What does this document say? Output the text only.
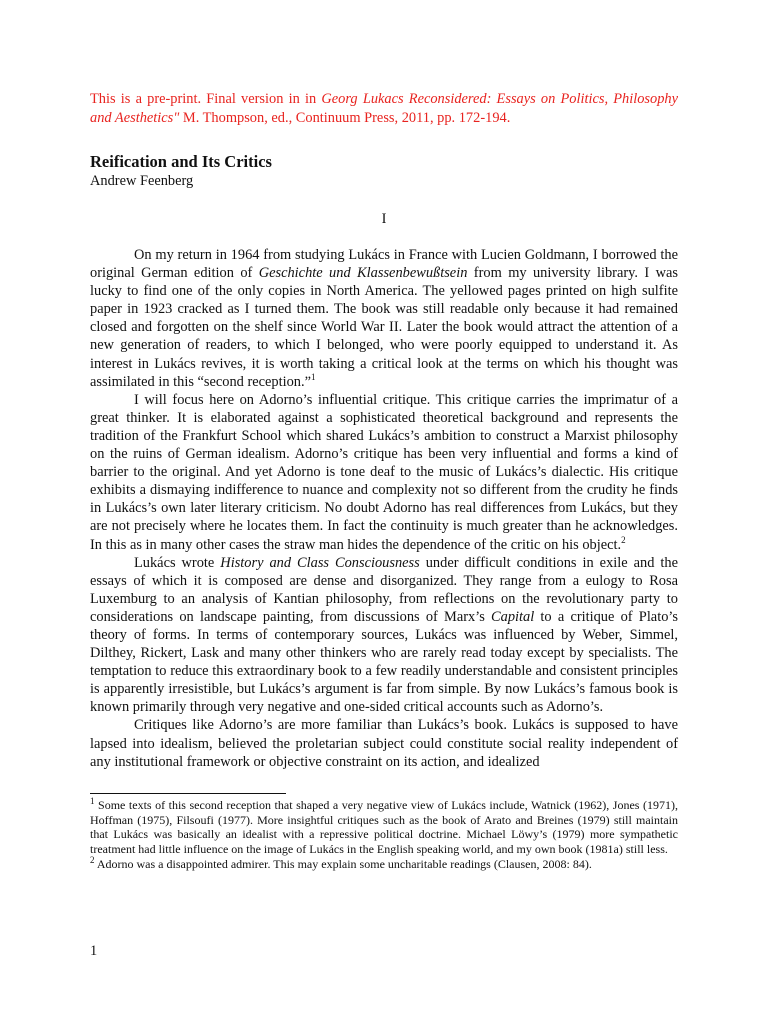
This is a pre-print. Final version in in Georg Lukacs Reconsidered: Essays on Politics, Philosophy and Aesthetics" M. Thompson, ed., Continuum Press, 2011, pp. 172-194.

Reification and Its Critics

Andrew Feenberg

I

On my return in 1964 from studying Lukács in France with Lucien Goldmann, I borrowed the original German edition of Geschichte und Klassenbewußtsein from my university library. I was lucky to find one of the only copies in North America. The yellowed pages printed on high sulfite paper in 1923 cracked as I turned them. The book was still readable only because it had remained closed and forgotten on the shelf since World War II. Later the book would attract the attention of a new generation of readers, to which I belonged, who were poorly equipped to understand it. As interest in Lukács revives, it is worth taking a critical look at the terms on which his thought was assimilated in this “second reception.”$^1$

I will focus here on Adorno’s influential critique. This critique carries the imprimatur of a great thinker. It is elaborated against a sophisticated theoretical background and represents the tradition of the Frankfurt School which shared Lukács’s ambition to construct a Marxist philosophy on the ruins of German idealism. Adorno’s critique has been very influential and forms a kind of barrier to the original. And yet Adorno is tone deaf to the music of Lukács’s dialectic. His critique exhibits a dismaying indifference to nuance and complexity not so different from the crudity he finds in Lukács’s own later literary criticism. No doubt Adorno has real differences from Lukács, but they are not precisely where he locates them. In fact the continuity is much greater than he acknowledges. In this as in many other cases the straw man hides the dependence of the critic on his object.$^2$

Lukács wrote History and Class Consciousness under difficult conditions in exile and the essays of which it is composed are dense and disorganized. They range from a eulogy to Rosa Luxemburg to an analysis of Kantian philosophy, from reflections on the revolutionary party to considerations on landscape painting, from discussions of Marx’s Capital to a critique of Plato’s theory of forms. In terms of contemporary sources, Lukács was influenced by Weber, Simmel, Dilthey, Rickert, Lask and many other thinkers who are rarely read today except by specialists. The temptation to reduce this extraordinary book to a few readily understandable and consistent principles is apparently irresistible, but Lukács’s argument is far from simple. By now Lukács’s famous book is known primarily through very negative and one-sided critical accounts such as Adorno’s.

Critiques like Adorno’s are more familiar than Lukács’s book. Lukács is supposed to have lapsed into idealism, believed the proletarian subject could constitute social reality independent of any institutional framework or objective constraint on its action, and idealized

$^1$ Some texts of this second reception that shaped a very negative view of Lukács include, Watnick (1962), Jones (1971), Hoffman (1975), Filsoufi (1977). More insightful critiques such as the book of Arato and Breines (1979) still maintain that Lukács was basically an idealist with a repressive political doctrine. Michael Löwy’s (1979) more sympathetic treatment had little influence on the image of Lukács in the English speaking world, and my own book (1981a) still less.

$^2$ Adorno was a disappointed admirer. This may explain some uncharitable readings (Clausen, 2008: 84).

1
